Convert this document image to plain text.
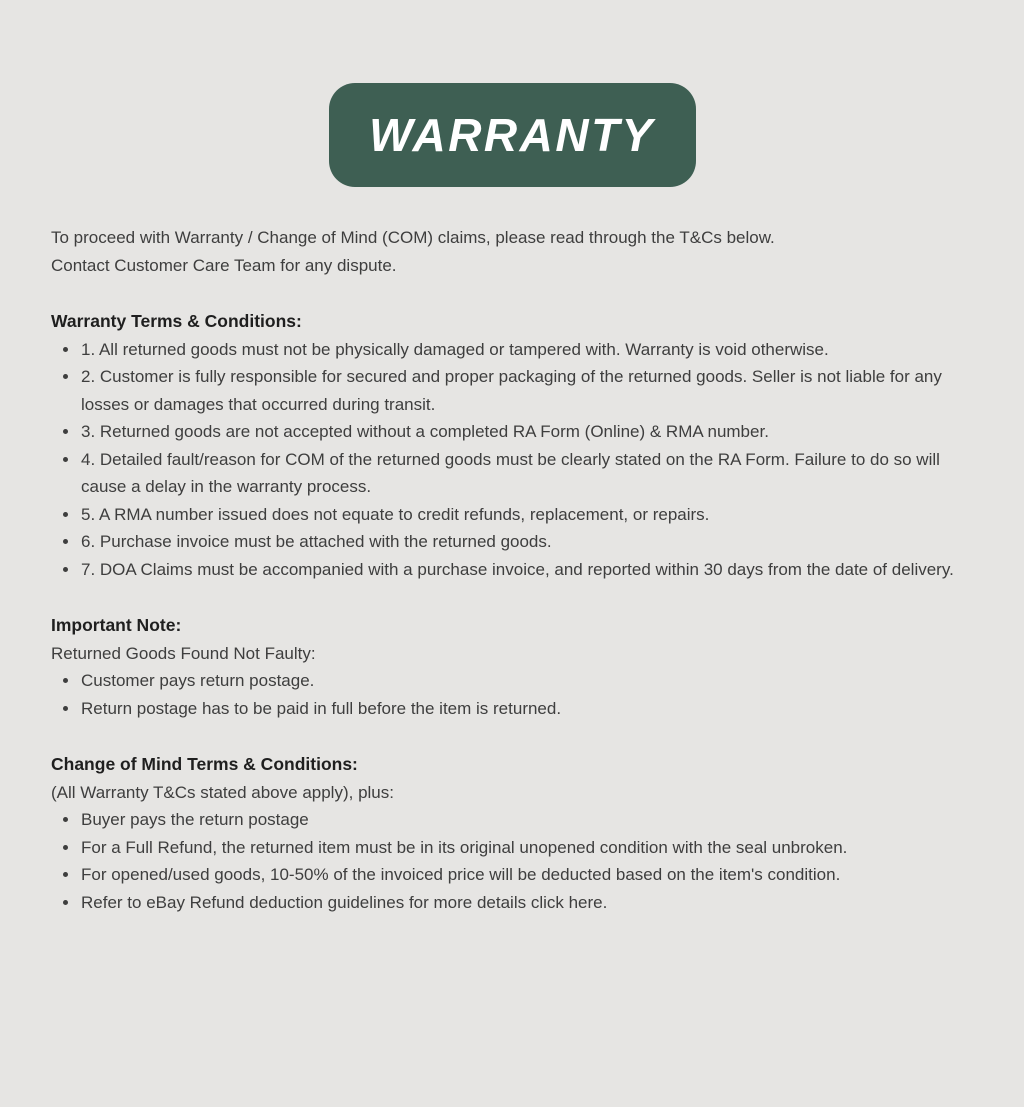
WARRANTY

To proceed with Warranty / Change of Mind (COM) claims, please read through the T&Cs below.

Contact Customer Care Team for any dispute.

Warranty Terms & Conditions:
• 1. All returned goods must not be physically damaged or tampered with. Warranty is void otherwise.
• 2. Customer is fully responsible for secured and proper packaging of the returned goods. Seller is not liable for any losses or damages that occurred during transit.
• 3. Returned goods are not accepted without a completed RA Form (Online) & RMA number.
• 4. Detailed fault/reason for COM of the returned goods must be clearly stated on the RA Form. Failure to do so will cause a delay in the warranty process.
• 5. A RMA number issued does not equate to credit refunds, replacement, or repairs.
• 6. Purchase invoice must be attached with the returned goods.
• 7. DOA Claims must be accompanied with a purchase invoice, and reported within 30 days from the date of delivery.
Important Note:

Returned Goods Found Not Faulty:

• Customer pays return postage.
• Return postage has to be paid in full before the item is returned.
Change of Mind Terms & Conditions:

(All Warranty T&Cs stated above apply), plus:

• Buyer pays the return postage
• For a Full Refund, the returned item must be in its original unopened condition with the seal unbroken.
• For opened/used goods, 10-50% of the invoiced price will be deducted based on the item's condition.
• Refer to eBay Refund deduction guidelines for more details click here.
